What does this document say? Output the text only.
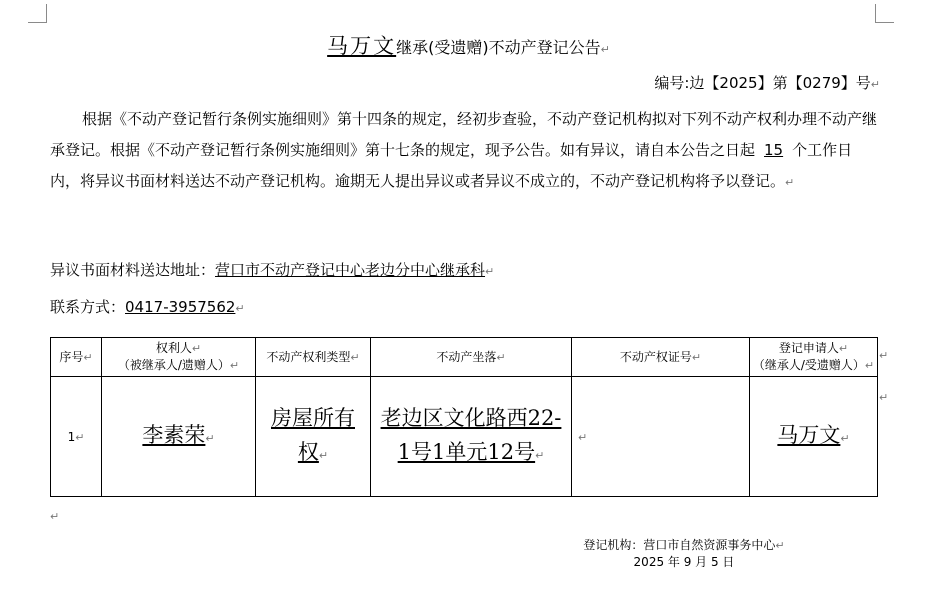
马万文继承(受遗赠)不动产登记公告↵
编号:边【2025】第【0279】号↵
根据《不动产登记暂行条例实施细则》第十四条的规定，经初步查验，不动产登记机构拟对下列不动产权利办理不动产继承登记。根据《不动产登记暂行条例实施细则》第十七条的规定，现予公告。如有异议，请自本公告之日起 15 个工作日内，将异议书面材料送达不动产登记机构。逾期无人提出异议或者异议不成立的，不动产登记机构将予以登记。↵
异议书面材料送达地址：营口市不动产登记中心老边分中心继承科↵
联系方式：0417-3957562↵
序号↵	权利人↵
（被继承人/遗赠人）↵	不动产权利类型↵	不动产坐落↵	不动产权证号↵	登记申请人↵
（继承人/受遗赠人）↵
1↵	李素荣↵	房屋所有权↵	老边区文化路西22-1号1单元12号↵	↵	马万文↵
↵
↵
↵
登记机构：营口市自然资源事务中心↵
2025 年 9 月 5 日
